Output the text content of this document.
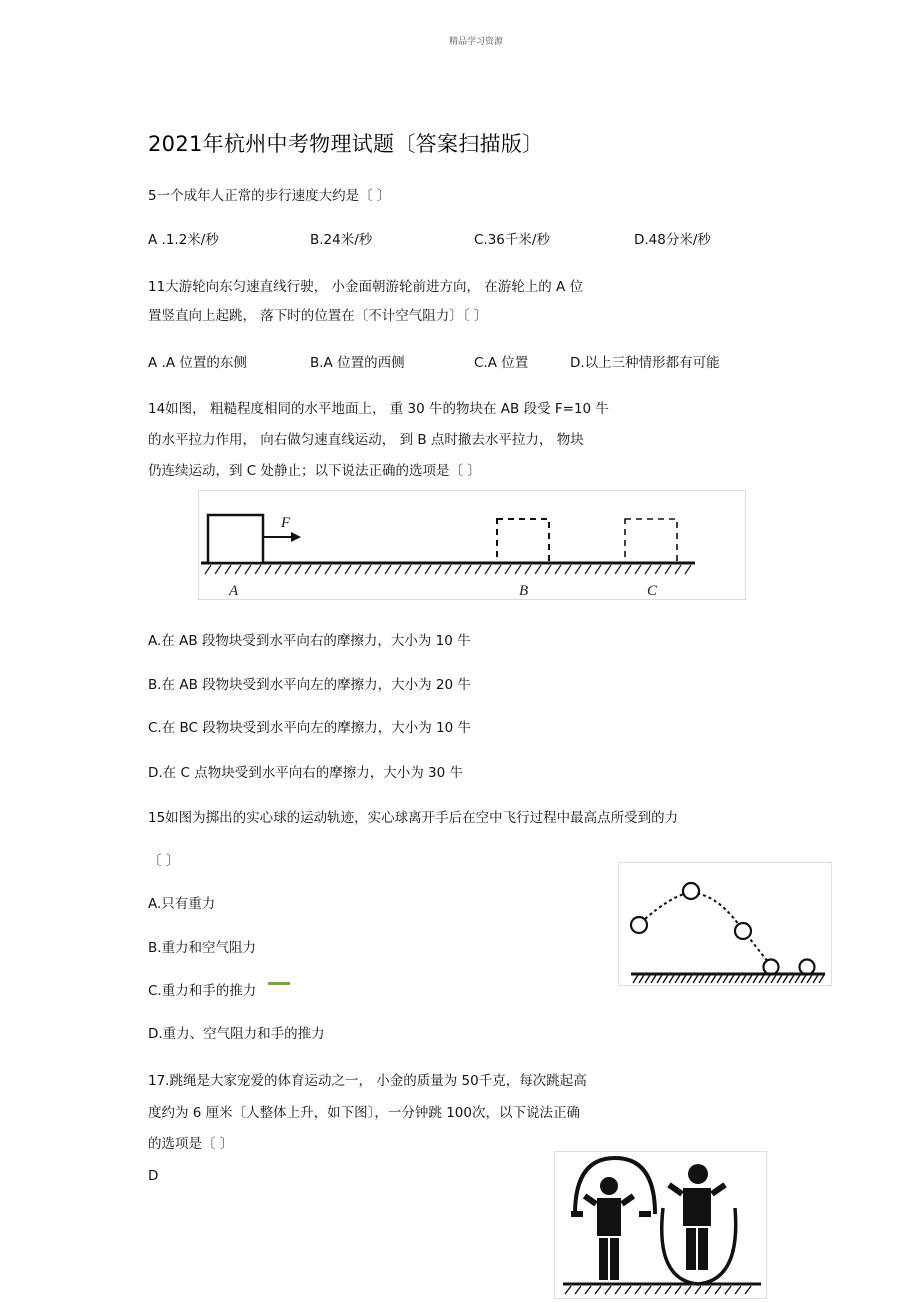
精品学习资源
2021年杭州中考物理试题〔答案扫描版〕
5一个成年人正常的步行速度大约是〔 〕
A .1.2米/秒	B.24米/秒	C.36千米/秒	D.48分米/秒
11大游轮向东匀速直线行驶， 小金面朝游轮前进方向， 在游轮上的 A 位
置竖直向上起跳， 落下时的位置在〔不计空气阻力〕〔 〕
A .A 位置的东侧	B.A 位置的西侧	C.A 位置	D.以上三种情形都有可能
14如图， 粗糙程度相同的水平地面上， 重 30 牛的物块在 AB 段受 F=10 牛
的水平拉力作用， 向右做匀速直线运动， 到 B 点时撤去水平拉力， 物块
仍连续运动，到 C 处静止；以下说法正确的选项是〔 〕
F
A	B	C
A.在 AB 段物块受到水平向右的摩擦力，大小为 10 牛
B.在 AB 段物块受到水平向左的摩擦力，大小为 20 牛
C.在 BC 段物块受到水平向左的摩擦力，大小为 10 牛
D.在 C 点物块受到水平向右的摩擦力，大小为 30 牛
15如图为掷出的实心球的运动轨迹，实心球离开手后在空中飞行过程中最高点所受到的力
〔 〕
A.只有重力
B.重力和空气阻力
C.重力和手的推力
D.重力、空气阻力和手的推力
17.跳绳是大家宠爱的体育运动之一， 小金的质量为 50千克，每次跳起高
度约为 6 厘米〔人整体上升，如下图〕，一分钟跳 100次，以下说法正确
的选项是〔 〕
D
